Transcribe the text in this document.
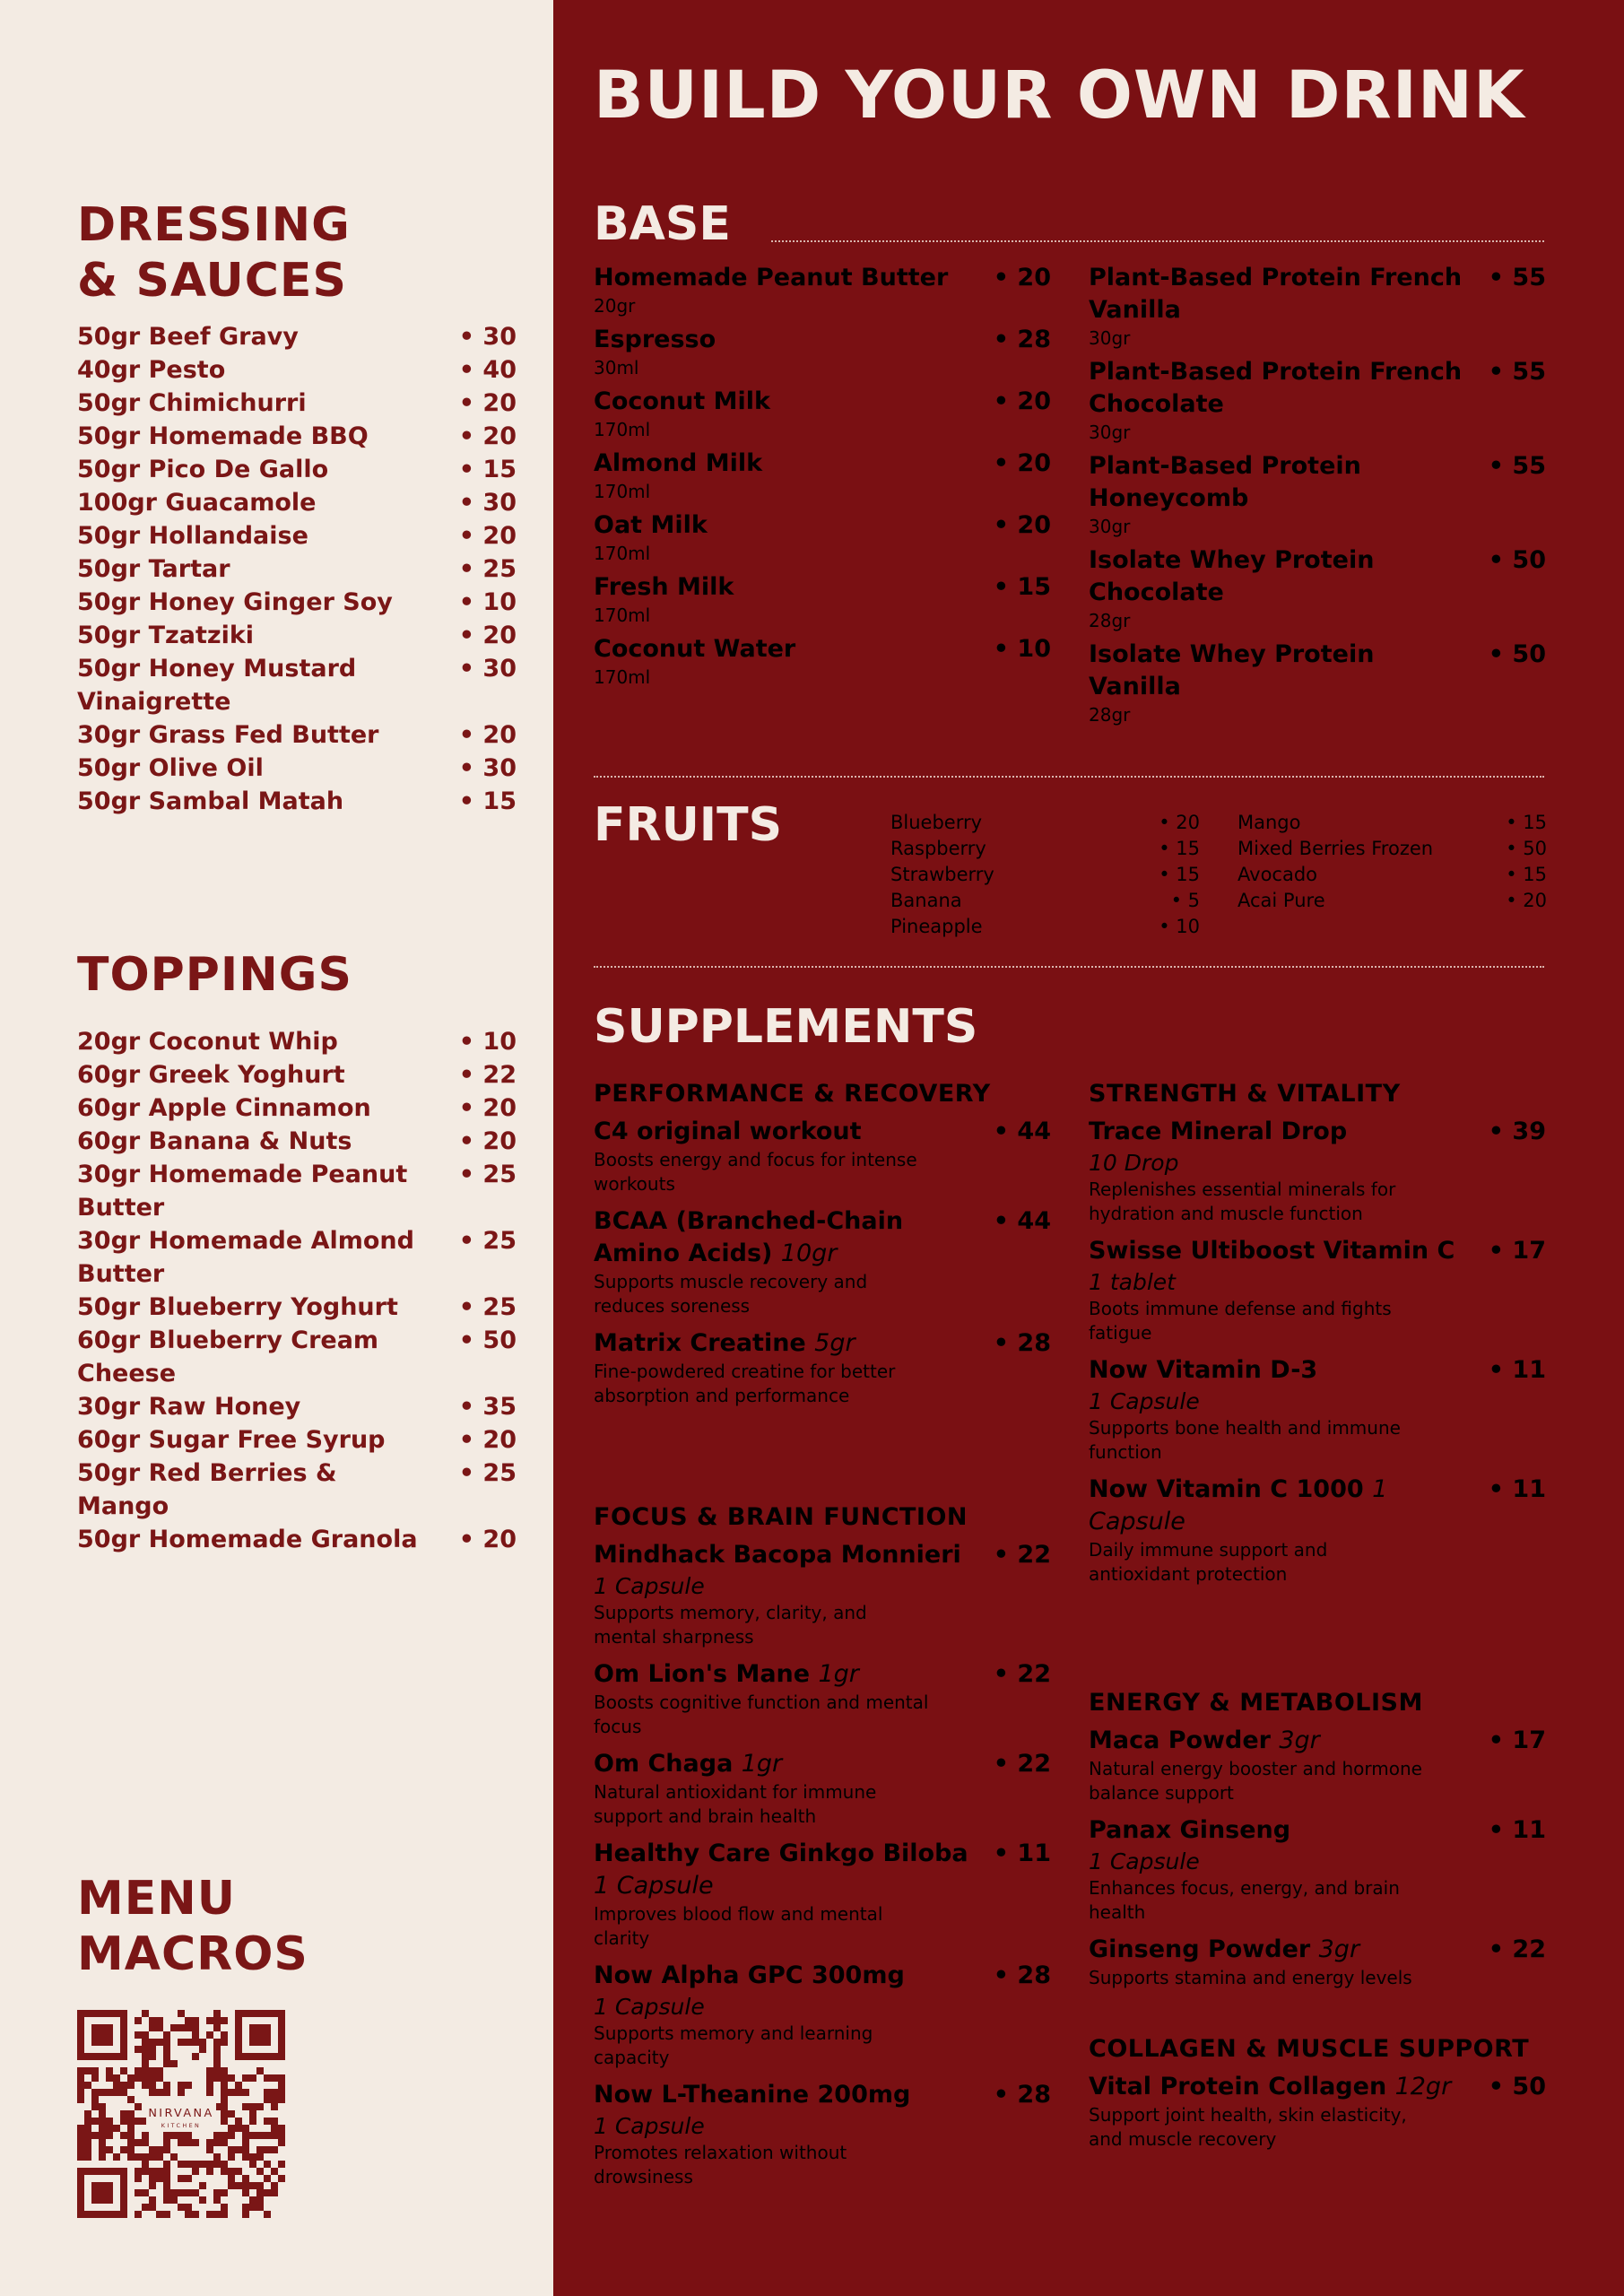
DRESSING
& SAUCES
50gr Beef Gravy	• 30
40gr Pesto	• 40
50gr Chimichurri	• 20
50gr Homemade BBQ	• 20
50gr Pico De Gallo	• 15
100gr Guacamole	• 30
50gr Hollandaise	• 20
50gr Tartar	• 25
50gr Honey Ginger Soy	• 10
50gr Tzatziki	• 20
50gr Honey Mustard Vinaigrette
• 30
30gr Grass Fed Butter	• 20
50gr Olive Oil	• 30
50gr Sambal Matah	• 15
TOPPINGS
20gr Coconut Whip	• 10
60gr Greek Yoghurt	• 22
60gr Apple Cinnamon	• 20
60gr Banana & Nuts	• 20
30gr Homemade Peanut Butter
• 25
30gr Homemade Almond Butter
• 25
50gr Blueberry Yoghurt	• 25
60gr Blueberry Cream Cheese
• 50
30gr Raw Honey	• 35
60gr Sugar Free Syrup	• 20
50gr Red Berries & Mango
• 25
50gr Homemade Granola • 20
MENU
MACROS
NIRVANA
BUILD YOUR OWN DRINK
BASE
Homemade Peanut Butter • 20
20gr
Espresso	• 28
30ml
Coconut Milk	• 20
170ml
Almond Milk	• 20
170ml
Oat Milk	• 20
170ml
Fresh Milk	• 15
170ml
Coconut Water	• 10
170ml
Plant-Based Protein French Vanilla
• 55
30gr
Plant-Based Protein French Chocolate
• 55
30gr
Plant-Based Protein Honeycomb
• 55
30gr
Isolate Whey Protein Chocolate
• 50
28gr
Isolate Whey Protein Vanilla
• 50
28gr
FRUITS	Blueberry	• 20
Raspberry	• 15
Strawberry	• 15
Banana	• 5
Pineapple	• 10
Mango	• 15
Mixed Berries Frozen	• 50
Avocado	• 15
Acai Pure	• 20
SUPPLEMENTS
PERFORMANCE & RECOVERY
C4 original workout	• 44
Boosts energy and focus for intense workouts
BCAA (Branched-Chain Amino Acids) 10gr
• 44
Supports muscle recovery and reduces soreness
Matrix Creatine 5gr	• 28
Fine-powdered creatine for better absorption and performance
FOCUS & BRAIN FUNCTION
Mindhack Bacopa Monnieri • 22
1 Capsule
Supports memory, clarity, and mental sharpness
Om Lion's Mane 1gr	• 22
Boosts cognitive function and mental focus
Om Chaga 1gr	• 22
Natural antioxidant for immune support and brain health
Healthy Care Ginkgo Biloba 1 Capsule
• 11
Improves blood flow and mental clarity
Now Alpha GPC 300mg	• 28
1 Capsule
Supports memory and learning capacity
Now L-Theanine 200mg	• 28
1 Capsule
Promotes relaxation without drowsiness
STRENGTH & VITALITY
Trace Mineral Drop	• 39
10 Drop
Replenishes essential minerals for hydration and muscle function
Swisse Ultiboost Vitamin C • 17
1 tablet
Boots immune defense and fights fatigue
Now Vitamin D-3	• 11
1 Capsule
Supports bone health and immune function
Now Vitamin C 1000 1 Capsule
• 11
Daily immune support and antioxidant protection
ENERGY & METABOLISM
Maca Powder 3gr	• 17
Natural energy booster and hormone balance support
Panax Ginseng	• 11
1 Capsule
Enhances focus, energy, and brain health
Ginseng Powder 3gr	• 22
Supports stamina and energy levels
COLLAGEN & MUSCLE SUPPORT
Vital Protein Collagen 12gr • 50
Support joint health, skin elasticity, and muscle recovery
